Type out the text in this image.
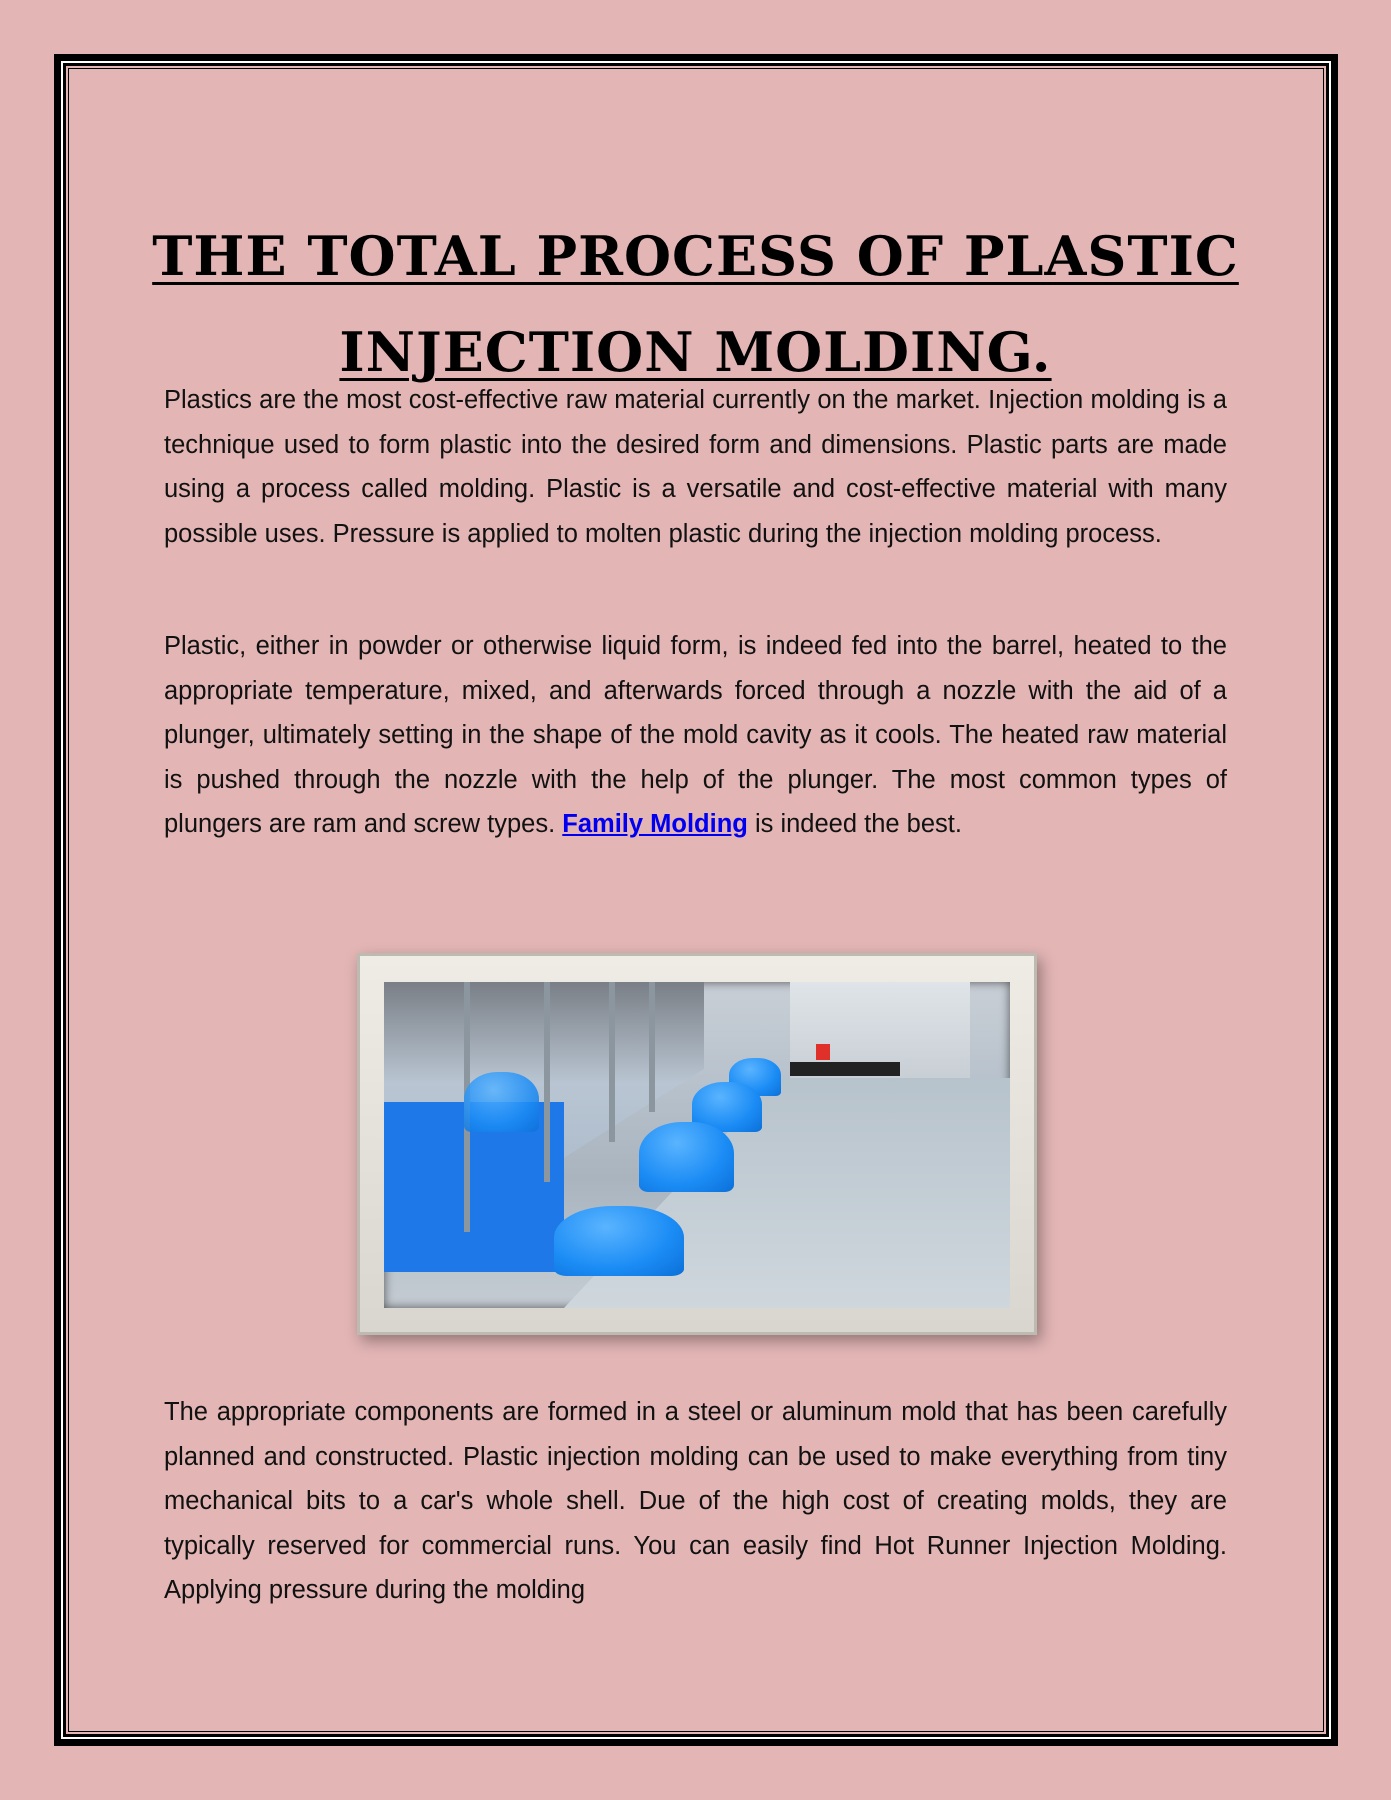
THE TOTAL PROCESS OF PLASTIC
INJECTION MOLDING.

Plastics are the most cost-effective raw material currently on the market. Injection molding is a technique used to form plastic into the desired form and dimensions. Plastic parts are made using a process called molding. Plastic is a versatile and cost-effective material with many possible uses. Pressure is applied to molten plastic during the injection molding process.

Plastic, either in powder or otherwise liquid form, is indeed fed into the barrel, heated to the appropriate temperature, mixed, and afterwards forced through a nozzle with the aid of a plunger, ultimately setting in the shape of the mold cavity as it cools. The heated raw material is pushed through the nozzle with the help of the plunger. The most common types of plungers are ram and screw types. Family Molding is indeed the best.

The appropriate components are formed in a steel or aluminum mold that has been carefully planned and constructed. Plastic injection molding can be used to make everything from tiny mechanical bits to a car's whole shell. Due of the high cost of creating molds, they are typically reserved for commercial runs. You can easily find Hot Runner Injection Molding. Applying pressure during the molding
